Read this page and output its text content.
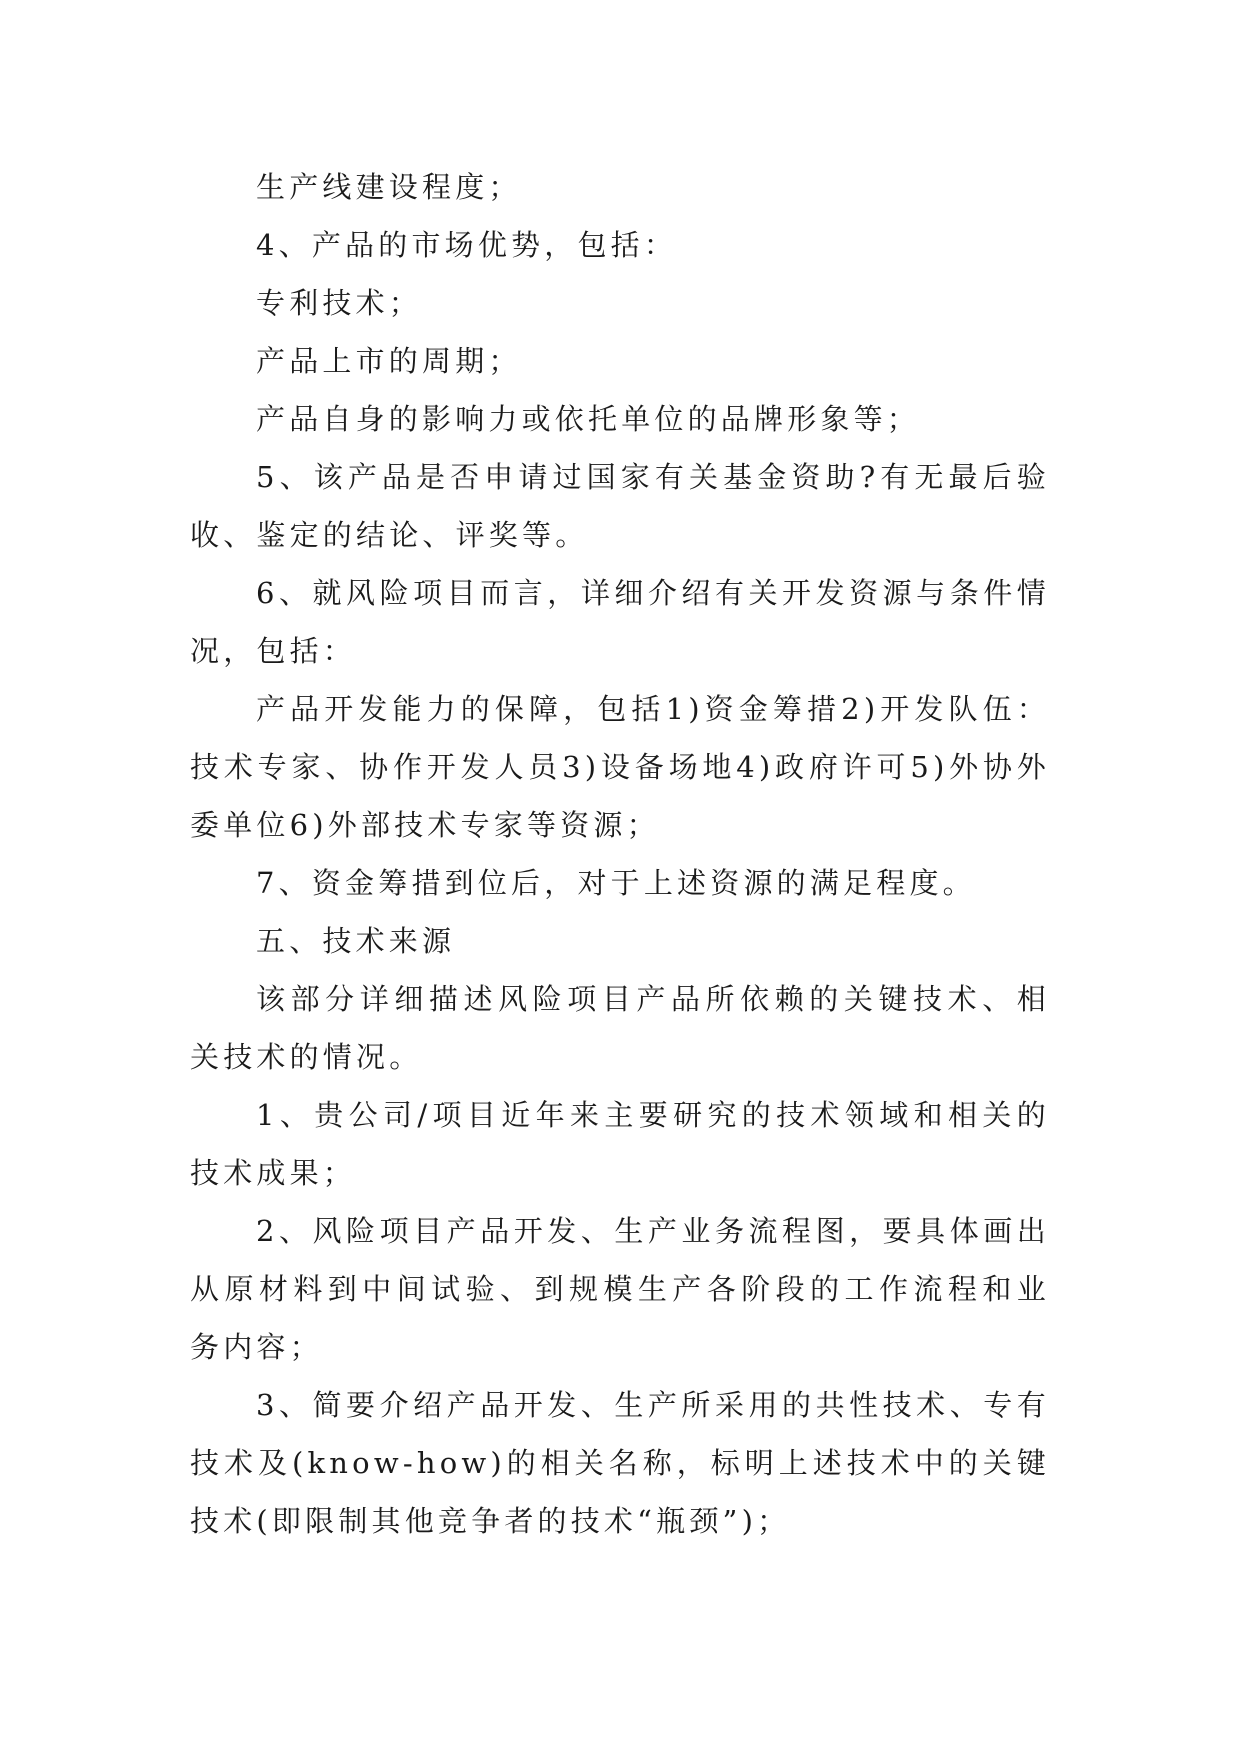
生产线建设程度；

4、产品的市场优势，包括：

专利技术；

产品上市的周期；

产品自身的影响力或依托单位的品牌形象等；

5、该产品是否申请过国家有关基金资助?有无最后验收、鉴定的结论、评奖等。

6、就风险项目而言，详细介绍有关开发资源与条件情况，包括：

产品开发能力的保障，包括1)资金筹措2)开发队伍：技术专家、协作开发人员3)设备场地4)政府许可5)外协外委单位6)外部技术专家等资源；

7、资金筹措到位后，对于上述资源的满足程度。

五、技术来源

该部分详细描述风险项目产品所依赖的关键技术、相关技术的情况。

1、贵公司/项目近年来主要研究的技术领域和相关的技术成果；

2、风险项目产品开发、生产业务流程图，要具体画出从原材料到中间试验、到规模生产各阶段的工作流程和业务内容；

3、简要介绍产品开发、生产所采用的共性技术、专有技术及(know-how)的相关名称，标明上述技术中的关键技术(即限制其他竞争者的技术“瓶颈”)；
